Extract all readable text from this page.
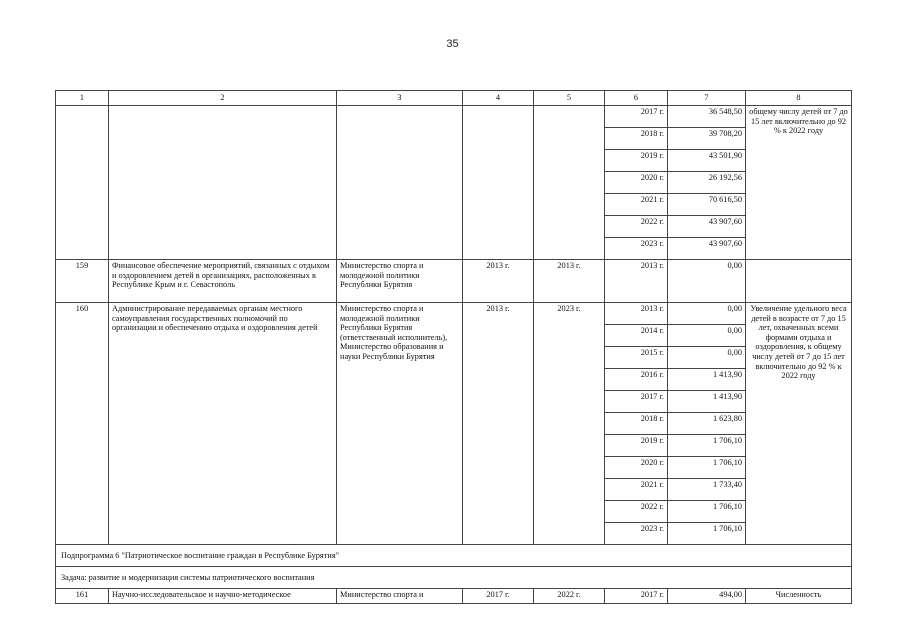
35
1	2	3	4	5	6	7	8
					2017 г.	36 548,50	общему числу детей от 7 до 15 лет включительно до 92 % к 2022 году
					2018 г.	39 708,20	
					2019 г.	43 501,90	
					2020 г.	26 192,56	
					2021 г.	70 616,50	
					2022 г.	43 907,60	
					2023 г.	43 907,60	
159	Финансовое обеспечение мероприятий, связанных с отдыхом и оздоровлением детей в организациях, расположенных в Республике Крым и г. Севастополь	Министерство спорта и молодежной политики Республики Бурятия	2013 г.	2013 г.	2013 г.	0,00	
160	Администрирование передаваемых органам местного самоуправления государственных полномочий по организации и обеспечению отдыха и оздоровления детей	Министерство спорта и молодежной политики Республики Бурятия (ответственный исполнитель), Министерство образования и науки Республики Бурятия	2013 г.	2023 г.	2013 г.	0,00	Увеличение удельного веса детей в возрасте от 7 до 15 лет, охваченных всеми формами отдыха и оздоровления, к общему числу детей от 7 до 15 лет включительно до 92 % к 2022 году
					2014 г.	0,00	
					2015 г.	0,00	
					2016 г.	1 413,90	
					2017 г.	1 413,90	
					2018 г.	1 623,80	
					2019 г.	1 706,10	
					2020 г.	1 706,10	
					2021 г.	1 733,40	
					2022 г.	1 706,10	
					2023 г.	1 706,10	
Подпрограмма 6 "Патриотическое воспитание граждан в Республике Бурятия"							
Задача: развитие и модернизация системы патриотического воспитания							
161	Научно-исследовательское и научно-методическое	Министерство спорта и	2017 г.	2022 г.	2017 г.	494,00	Численность
